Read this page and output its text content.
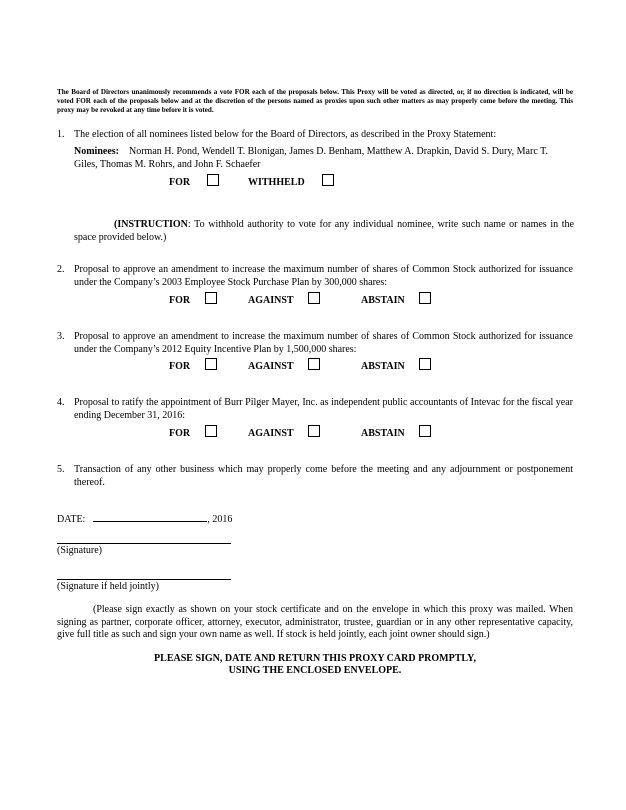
The Board of Directors unanimously recommends a vote FOR each of the proposals below. This Proxy will be voted as directed, or, if no direction is indicated, will be voted FOR each of the proposals below and at the discretion of the persons named as proxies upon such other matters as may properly come before the meeting. This proxy may be revoked at any time before it is voted.
1. The election of all nominees listed below for the Board of Directors, as described in the Proxy Statement:
Nominees: Norman H. Pond, Wendell T. Blonigan, James D. Benham, Matthew A. Drapkin, David S. Dury, Marc T. Giles, Thomas M. Rohrs, and John F. Schaefer
FOR	WITHHELD
(INSTRUCTION: To withhold authority to vote for any individual nominee, write such name or names in the space provided below.)
2. Proposal to approve an amendment to increase the maximum number of shares of Common Stock authorized for issuance under the Company’s 2003 Employee Stock Purchase Plan by 300,000 shares:
FOR	AGAINST	ABSTAIN
3. Proposal to approve an amendment to increase the maximum number of shares of Common Stock authorized for issuance under the Company’s 2012 Equity Incentive Plan by 1,500,000 shares:
FOR	AGAINST	ABSTAIN
4. Proposal to ratify the appointment of Burr Pilger Mayer, Inc. as independent public accountants of Intevac for the fiscal year ending December 31, 2016:
FOR	AGAINST	ABSTAIN
5. Transaction of any other business which may properly come before the meeting and any adjournment or postponement thereof.
DATE:	, 2016
(Signature)
(Signature if held jointly)
(Please sign exactly as shown on your stock certificate and on the envelope in which this proxy was mailed. When signing as partner, corporate officer, attorney, executor, administrator, trustee, guardian or in any other representative capacity, give full title as such and sign your own name as well. If stock is held jointly, each joint owner should sign.)
PLEASE SIGN, DATE AND RETURN THIS PROXY CARD PROMPTLY,
USING THE ENCLOSED ENVELOPE.
